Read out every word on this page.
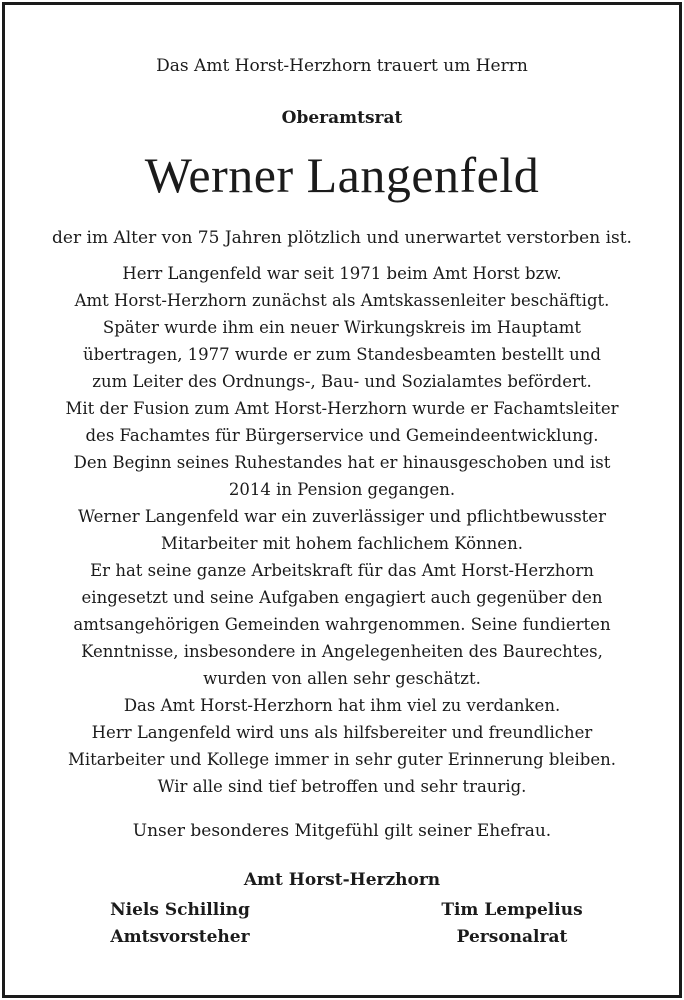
Das Amt Horst-Herzhorn trauert um Herrn
Oberamtsrat
Werner Langenfeld
der im Alter von 75 Jahren plötzlich und unerwartet verstorben ist.
Herr Langenfeld war seit 1971 beim Amt Horst bzw.
Amt Horst-Herzhorn zunächst als Amtskassenleiter beschäftigt.
Später wurde ihm ein neuer Wirkungskreis im Hauptamt
übertragen, 1977 wurde er zum Standesbeamten bestellt und
zum Leiter des Ordnungs-, Bau- und Sozialamtes befördert.
Mit der Fusion zum Amt Horst-Herzhorn wurde er Fachamtsleiter
des Fachamtes für Bürgerservice und Gemeindeentwicklung.
Den Beginn seines Ruhestandes hat er hinausgeschoben und ist
2014 in Pension gegangen.
Werner Langenfeld war ein zuverlässiger und pflichtbewusster
Mitarbeiter mit hohem fachlichem Können.
Er hat seine ganze Arbeitskraft für das Amt Horst-Herzhorn
eingesetzt und seine Aufgaben engagiert auch gegenüber den
amtsangehörigen Gemeinden wahrgenommen. Seine fundierten
Kenntnisse, insbesondere in Angelegenheiten des Baurechtes,
wurden von allen sehr geschätzt.
Das Amt Horst-Herzhorn hat ihm viel zu verdanken.
Herr Langenfeld wird uns als hilfsbereiter und freundlicher
Mitarbeiter und Kollege immer in sehr guter Erinnerung bleiben.
Wir alle sind tief betroffen und sehr traurig.
Unser besonderes Mitgefühl gilt seiner Ehefrau.
Amt Horst-Herzhorn
Niels Schilling
Amtsvorsteher
Tim Lempelius
Personalrat
